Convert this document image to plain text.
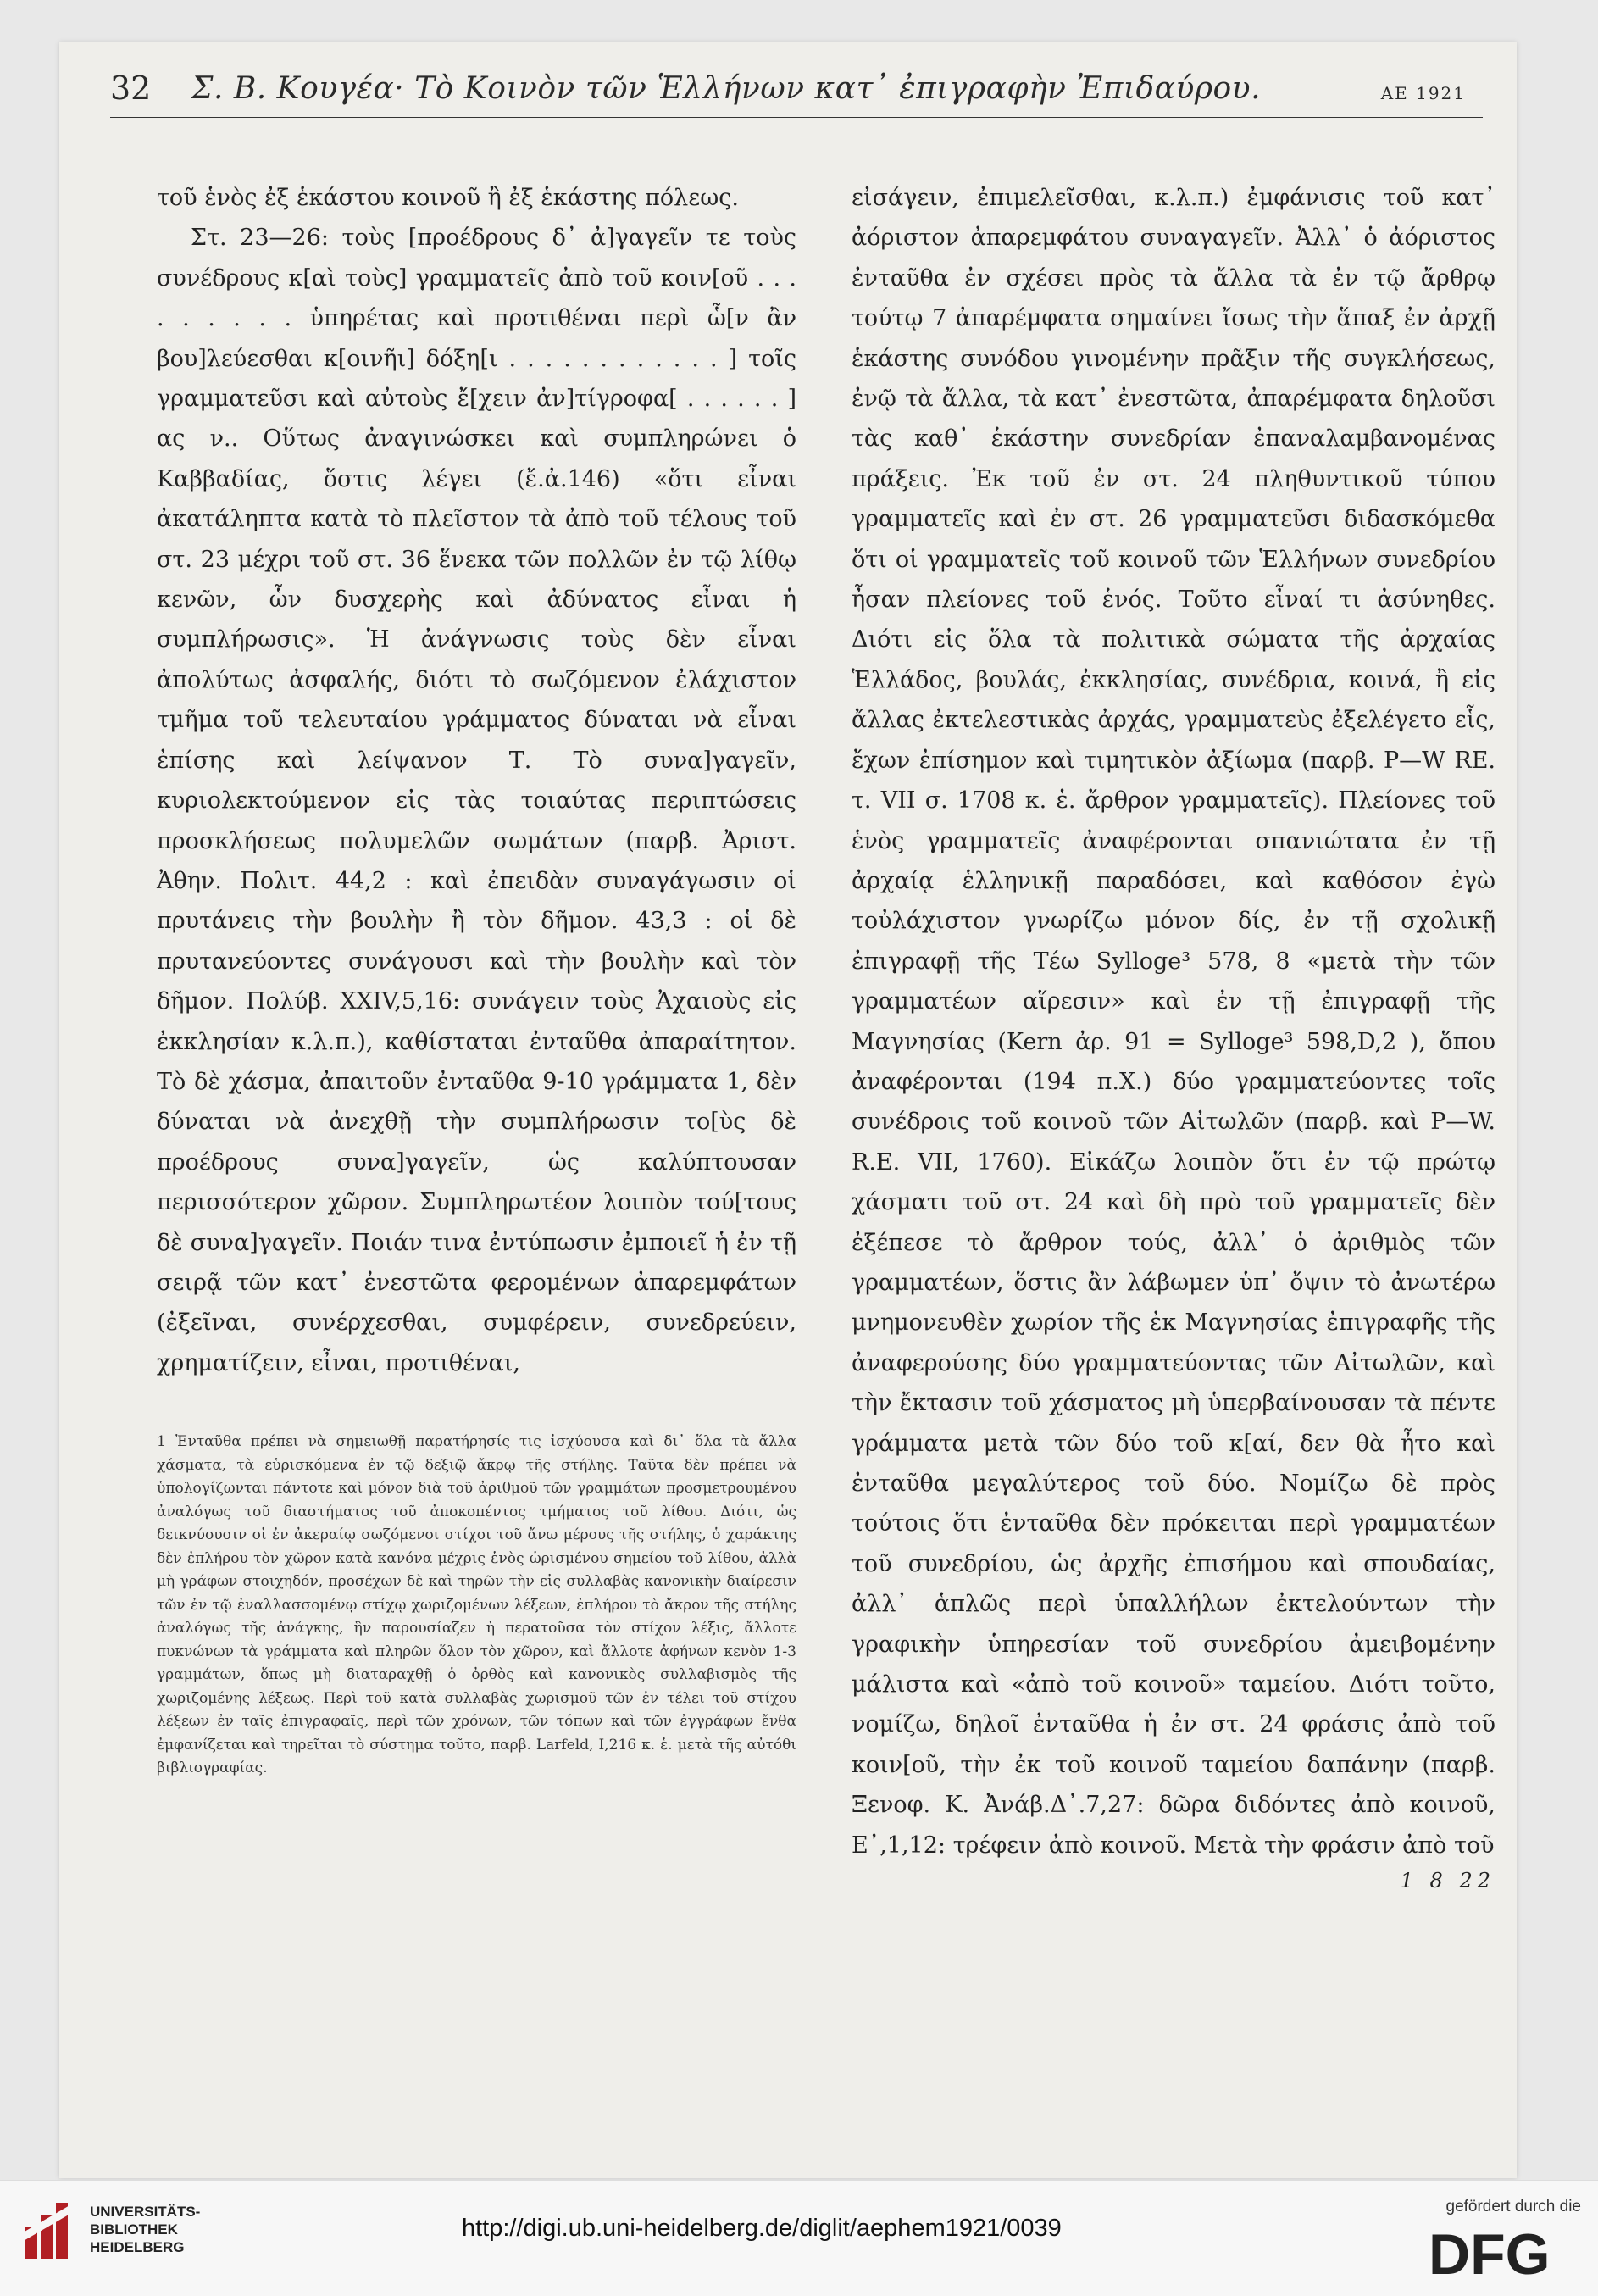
32 Σ. Β. Κουγέα· Τὸ Κοινὸν τῶν Ἑλλήνων κατ᾽ ἐπιγραφὴν Ἐπιδαύρου.	ΑΕ 1921

τοῦ ἑνὸς ἐξ ἑκάστου κοινοῦ ἢ ἐξ ἑκάστης πόλεως.

Στ. 23—26: τοὺς [προέδρους δ᾽ ἀ]γαγεῖν τε τοὺς συνέδρους κ[αὶ τοὺς] γραμματεῖς ἀπὸ τοῦ κοιν[οῦ . . . . . . . . . ὑπηρέτας καὶ προτιθέναι περὶ ὧ[ν ἂν βου]λεύεσθαι κ[οινῆι] δόξη[ι . . . . . . . . . . . . ] τοῖς γραμματεῦσι καὶ αὐτοὺς ἔ[χειν ἀν]τίγροφα[ . . . . . . ] ας ν.. Οὕτως ἀναγινώσκει καὶ συμπληρώνει ὁ Καββαδίας, ὅστις λέγει (ἔ.ἀ.146) «ὅτι εἶναι ἀκατάληπτα κατὰ τὸ πλεῖστον τὰ ἀπὸ τοῦ τέλους τοῦ στ. 23 μέχρι τοῦ στ. 36 ἕνεκα τῶν πολλῶν ἐν τῷ λίθῳ κενῶν, ὧν δυσχερὴς καὶ ἀδύνατος εἶναι ἡ συμπλήρωσις». Ἡ ἀνάγνωσις τοὺς δὲν εἶναι ἀπολύτως ἀσφαλής, διότι τὸ σωζόμενον ἐλάχιστον τμῆμα τοῦ τελευταίου γράμματος δύναται νὰ εἶναι ἐπίσης καὶ λείψανον Τ. Τὸ συνα]γαγεῖν, κυριολεκτούμενον εἰς τὰς τοιαύτας περιπτώσεις προσκλήσεως πολυμελῶν σωμάτων (παρβ. Ἀριστ. Ἀθην. Πολιτ. 44,2 : καὶ ἐπειδὰν συναγάγωσιν οἱ πρυτάνεις τὴν βουλὴν ἢ τὸν δῆμον. 43,3 : οἱ δὲ πρυτανεύοντες συνάγουσι καὶ τὴν βουλὴν καὶ τὸν δῆμον. Πολύβ. XXIV,5,16: συνάγειν τοὺς Ἀχαιοὺς εἰς ἐκκλησίαν κ.λ.π.), καθίσταται ἐνταῦθα ἀπαραίτητον. Τὸ δὲ χάσμα, ἀπαιτοῦν ἐνταῦθα 9-10 γράμματα 1, δὲν δύναται νὰ ἀνεχθῇ τὴν συμπλήρωσιν το[ὺς δὲ προέδρους συνα]γαγεῖν, ὡς καλύπτουσαν περισσότερον χῶρον. Συμπληρωτέον λοιπὸν τού[τους δὲ συνα]γαγεῖν. Ποιάν τινα ἐντύπωσιν ἐμποιεῖ ἡ ἐν τῇ σειρᾷ τῶν κατ᾽ ἐνεστῶτα φερομένων ἀπαρεμφάτων (ἐξεῖναι, συνέρχεσθαι, συμφέρειν, συνεδρεύειν, χρηματίζειν, εἶναι, προτιθέναι,

1 Ἐνταῦθα πρέπει νὰ σημειωθῇ παρατήρησίς τις ἰσχύουσα καὶ δι᾽ ὅλα τὰ ἄλλα χάσματα, τὰ εὑρισκόμενα ἐν τῷ δεξιῷ ἄκρῳ τῆς στήλης. Ταῦτα δὲν πρέπει νὰ ὑπολογίζωνται πάντοτε καὶ μόνον διὰ τοῦ ἀριθμοῦ τῶν γραμμάτων προσμετρουμένου ἀναλόγως τοῦ διαστήματος τοῦ ἀποκοπέντος τμήματος τοῦ λίθου. Διότι, ὡς δεικνύουσιν οἱ ἐν ἀκεραίῳ σωζόμενοι στίχοι τοῦ ἄνω μέρους τῆς στήλης, ὁ χαράκτης δὲν ἐπλήρου τὸν χῶρον κατὰ κανόνα μέχρις ἑνὸς ὡρισμένου σημείου τοῦ λίθου, ἀλλὰ μὴ γράφων στοιχηδόν, προσέχων δὲ καὶ τηρῶν τὴν εἰς συλλαβὰς κανονικὴν διαίρεσιν τῶν ἐν τῷ ἐναλλασσομένῳ στίχῳ χωριζομένων λέξεων, ἐπλήρου τὸ ἄκρον τῆς στήλης ἀναλόγως τῆς ἀνάγκης, ἣν παρουσίαζεν ἡ περατοῦσα τὸν στίχον λέξις, ἄλλοτε πυκνώνων τὰ γράμματα καὶ πληρῶν ὅλον τὸν χῶρον, καὶ ἄλλοτε ἀφήνων κενὸν 1-3 γραμμάτων, ὅπως μὴ διαταραχθῇ ὁ ὀρθὸς καὶ κανονικὸς συλλαβισμὸς τῆς χωριζομένης λέξεως. Περὶ τοῦ κατὰ συλλαβὰς χωρισμοῦ τῶν ἐν τέλει τοῦ στίχου λέξεων ἐν ταῖς ἐπιγραφαῖς, περὶ τῶν χρόνων, τῶν τόπων καὶ τῶν ἐγγράφων ἔνθα ἐμφανίζεται καὶ τηρεῖται τὸ σύστημα τοῦτο, παρβ. Larfeld, I,216 κ. ἑ. μετὰ τῆς αὐτόθι βιβλιογραφίας.

εἰσάγειν, ἐπιμελεῖσθαι, κ.λ.π.) ἐμφάνισις τοῦ κατ᾽ ἀόριστον ἀπαρεμφάτου συναγαγεῖν. Ἀλλ᾽ ὁ ἀόριστος ἐνταῦθα ἐν σχέσει πρὸς τὰ ἄλλα τὰ ἐν τῷ ἄρθρῳ τούτῳ 7 ἀπαρέμφατα σημαίνει ἴσως τὴν ἅπαξ ἐν ἀρχῇ ἑκάστης συνόδου γινομένην πρᾶξιν τῆς συγκλήσεως, ἐνῷ τὰ ἄλλα, τὰ κατ᾽ ἐνεστῶτα, ἀπαρέμφατα δηλοῦσι τὰς καθ᾽ ἑκάστην συνεδρίαν ἐπαναλαμβανομένας πράξεις. Ἐκ τοῦ ἐν στ. 24 πληθυντικοῦ τύπου γραμματεῖς καὶ ἐν στ. 26 γραμματεῦσι διδασκόμεθα ὅτι οἱ γραμματεῖς τοῦ κοινοῦ τῶν Ἑλλήνων συνεδρίου ἦσαν πλείονες τοῦ ἑνός. Τοῦτο εἶναί τι ἀσύνηθες. Διότι εἰς ὅλα τὰ πολιτικὰ σώματα τῆς ἀρχαίας Ἑλλάδος, βουλάς, ἐκκλησίας, συνέδρια, κοινά, ἢ εἰς ἄλλας ἐκτελεστικὰς ἀρχάς, γραμματεὺς ἐξελέγετο εἷς, ἔχων ἐπίσημον καὶ τιμητικὸν ἀξίωμα (παρβ. P—W RE. τ. VII σ. 1708 κ. ἑ. ἄρθρον γραμματεῖς). Πλείονες τοῦ ἑνὸς γραμματεῖς ἀναφέρονται σπανιώτατα ἐν τῇ ἀρχαίᾳ ἑλληνικῇ παραδόσει, καὶ καθόσον ἐγὼ τοὐλάχιστον γνωρίζω μόνον δίς, ἐν τῇ σχολικῇ ἐπιγραφῇ τῆς Τέω Sylloge³ 578, 8 «μετὰ τὴν τῶν γραμματέων αἵρεσιν» καὶ ἐν τῇ ἐπιγραφῇ τῆς Μαγνησίας (Kern ἀρ. 91 = Sylloge³ 598,D,2 ), ὅπου ἀναφέρονται (194 π.Χ.) δύο γραμματεύοντες τοῖς συνέδροις τοῦ κοινοῦ τῶν Αἰτωλῶν (παρβ. καὶ P—W. R.E. VII, 1760). Εἰκάζω λοιπὸν ὅτι ἐν τῷ πρώτῳ χάσματι τοῦ στ. 24 καὶ δὴ πρὸ τοῦ γραμματεῖς δὲν ἐξέπεσε τὸ ἄρθρον τούς, ἀλλ᾽ ὁ ἀριθμὸς τῶν γραμματέων, ὅστις ἂν λάβωμεν ὑπ᾽ ὄψιν τὸ ἀνωτέρω μνημονευθὲν χωρίον τῆς ἐκ Μαγνησίας ἐπιγραφῆς τῆς ἀναφερούσης δύο γραμματεύοντας τῶν Αἰτωλῶν, καὶ τὴν ἔκτασιν τοῦ χάσματος μὴ ὑπερβαίνουσαν τὰ πέντε γράμματα μετὰ τῶν δύο τοῦ κ[αί, δεν θὰ ἦτο καὶ ἐνταῦθα μεγαλύτερος τοῦ δύο. Νομίζω δὲ πρὸς τούτοις ὅτι ἐνταῦθα δὲν πρόκειται περὶ γραμματέων τοῦ συνεδρίου, ὡς ἀρχῆς ἐπισήμου καὶ σπουδαίας, ἀλλ᾽ ἁπλῶς περὶ ὑπαλλήλων ἐκτελούντων τὴν γραφικὴν ὑπηρεσίαν τοῦ συνεδρίου ἀμειβομένην μάλιστα καὶ «ἀπὸ τοῦ κοινοῦ» ταμείου. Διότι τοῦτο, νομίζω, δηλοῖ ἐνταῦθα ἡ ἐν στ. 24 φράσις ἀπὸ τοῦ κοιν[οῦ, τὴν ἐκ τοῦ κοινοῦ ταμείου δαπάνην (παρβ. Ξενοφ. Κ. Ἀνάβ.Δ᾽.7,27: δῶρα διδόντες ἀπὸ κοινοῦ, Ε᾽,1,12: τρέφειν ἀπὸ κοινοῦ. Μετὰ τὴν φράσιν ἀπὸ τοῦ

1 8 22
UNIVERSITÄTS-
BIBLIOTHEK
HEIDELBERG
http://digi.ub.uni-heidelberg.de/diglit/aephem1921/0039
gefördert durch die
DFG
